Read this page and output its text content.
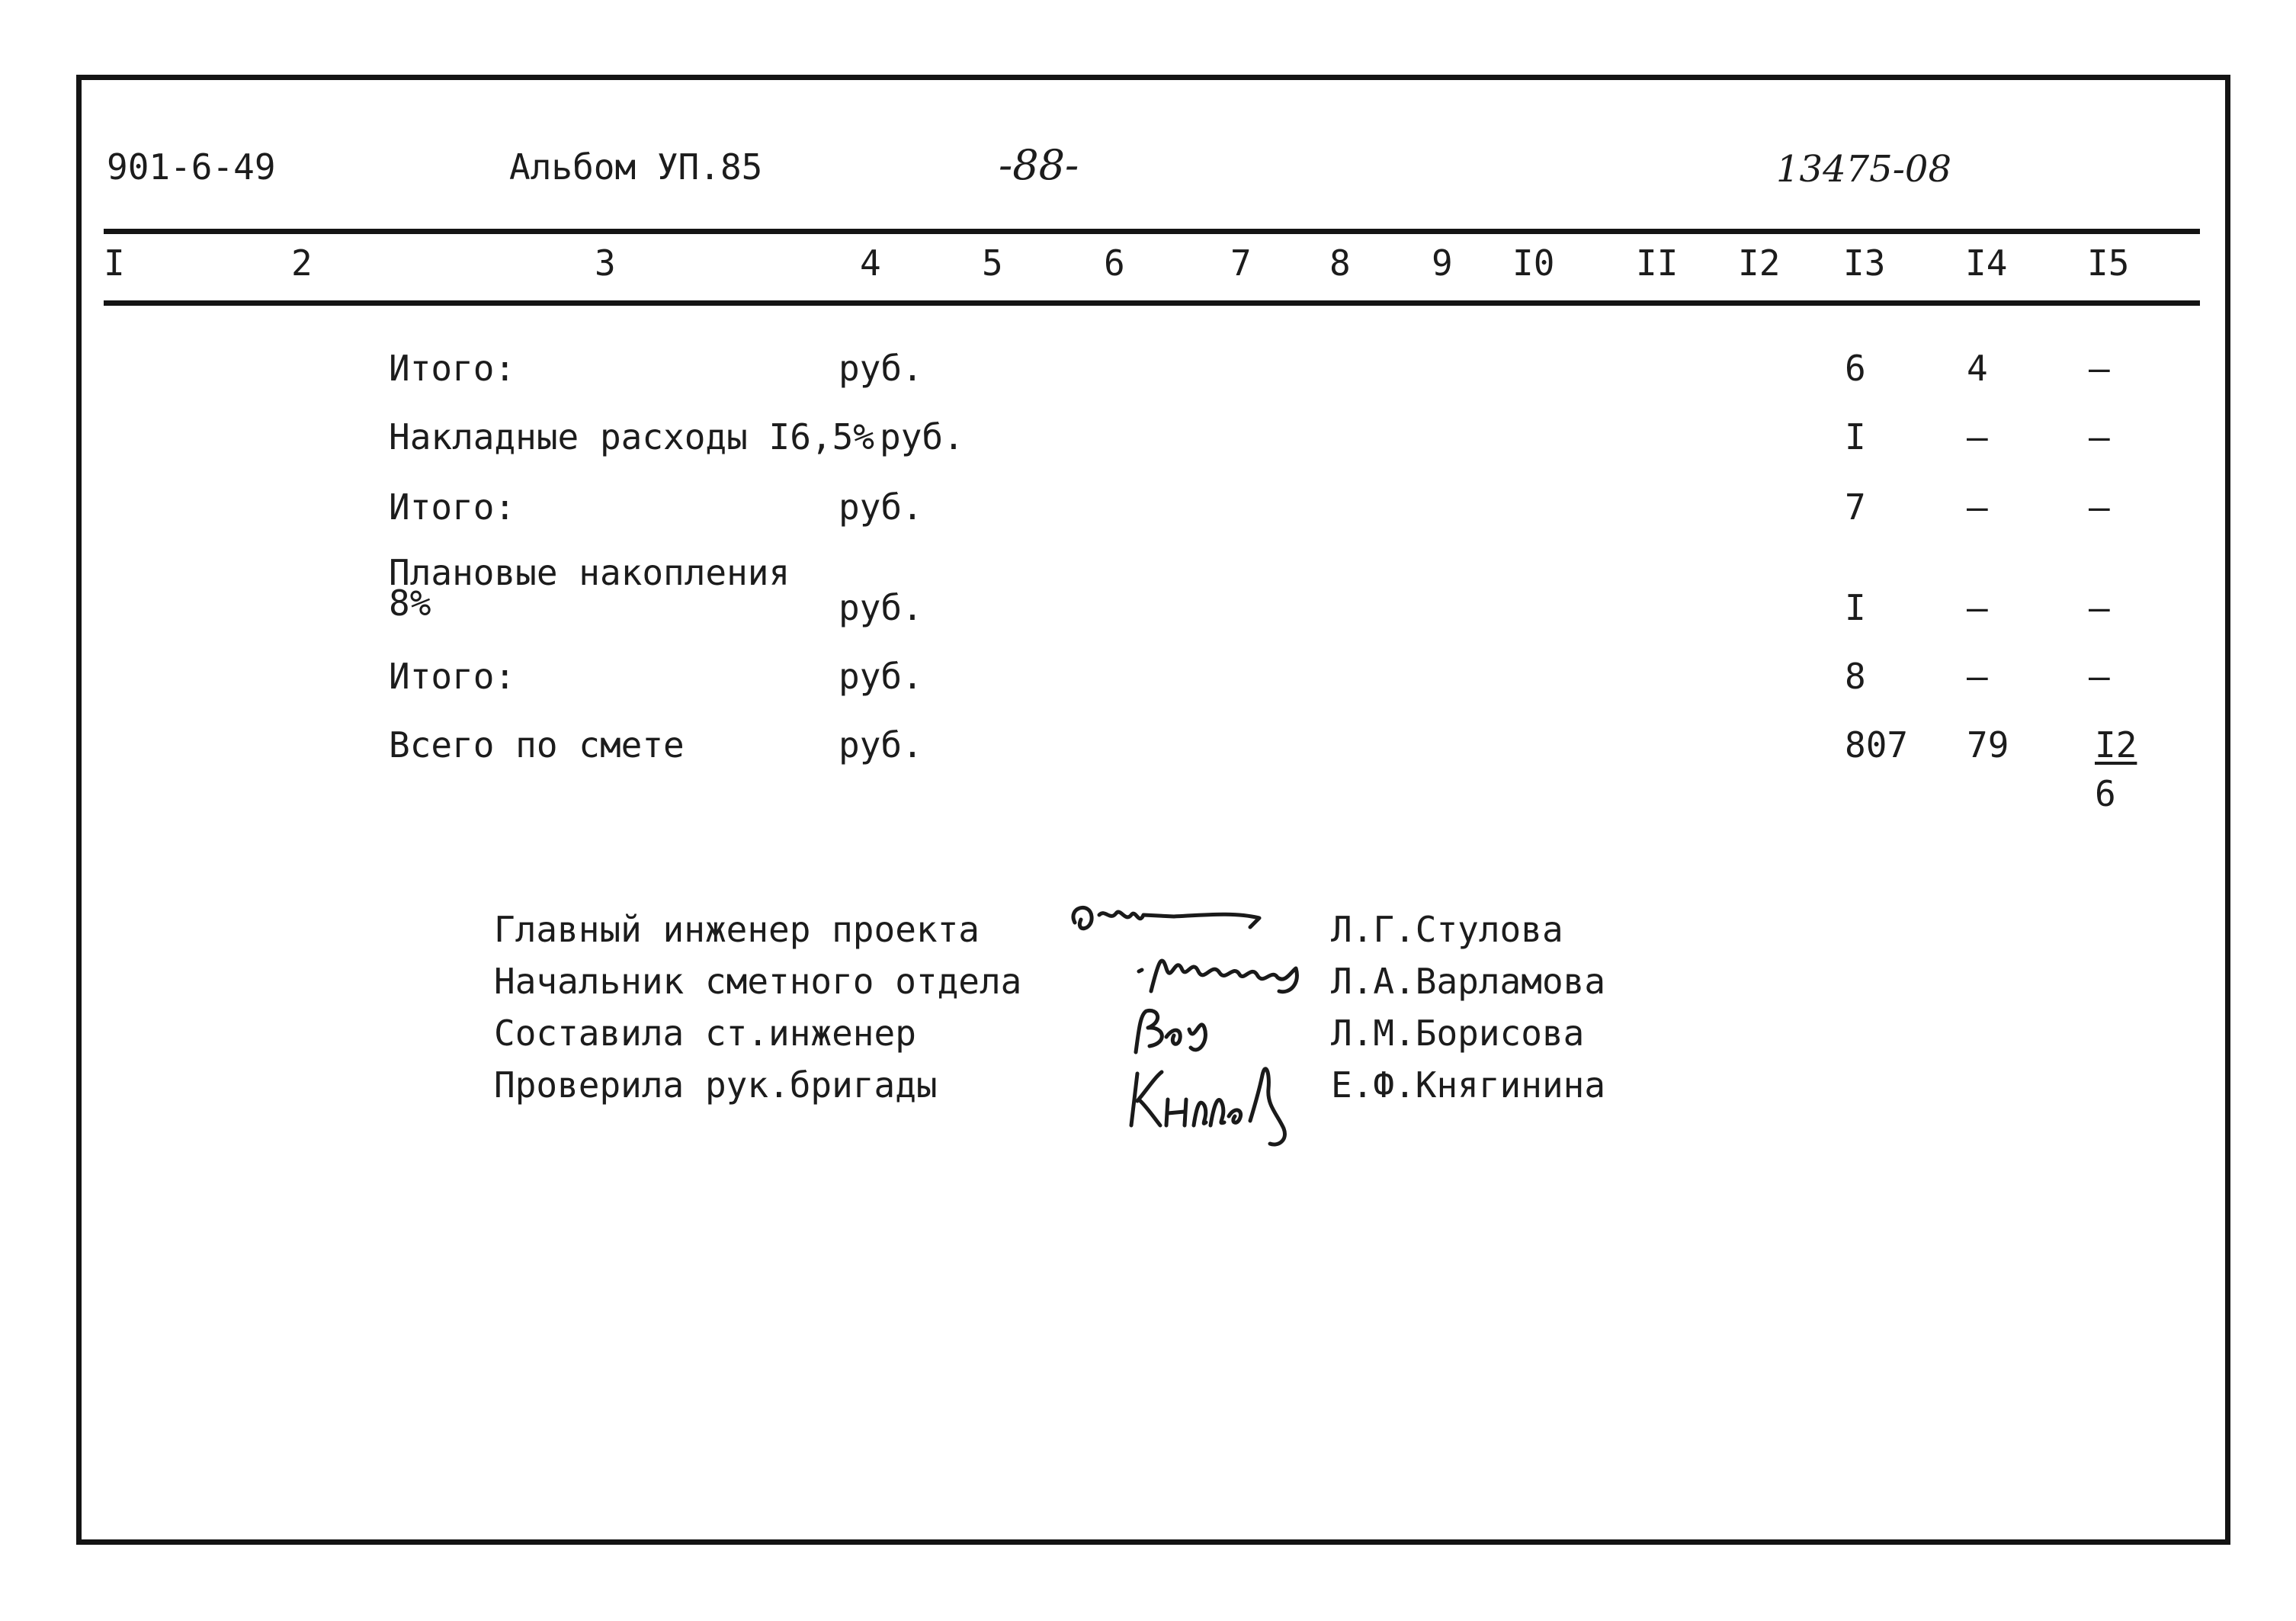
901-6-49	Альбом УП.85	-88-	13475-08
I	2	3	4	5	6	7 8 9 I0 II I2 I3 I4 I5
Итого:	руб.	6	4	–
Накладные расходы I6,5% руб.	I	–	–
Итого:	руб.	7	–	–
Плановые накопления
8%	руб.	I	–	–
Итого:	руб.	8	–	–
Всего по смете	руб.	807 79 I2
6
Главный инженер проекта
Начальник сметного отдела
Составила ст.инженер
Проверила рук.бригады
Л.Г.Стулова
Л.А.Варламова
Л.М.Борисова
Е.Ф.Княгинина
